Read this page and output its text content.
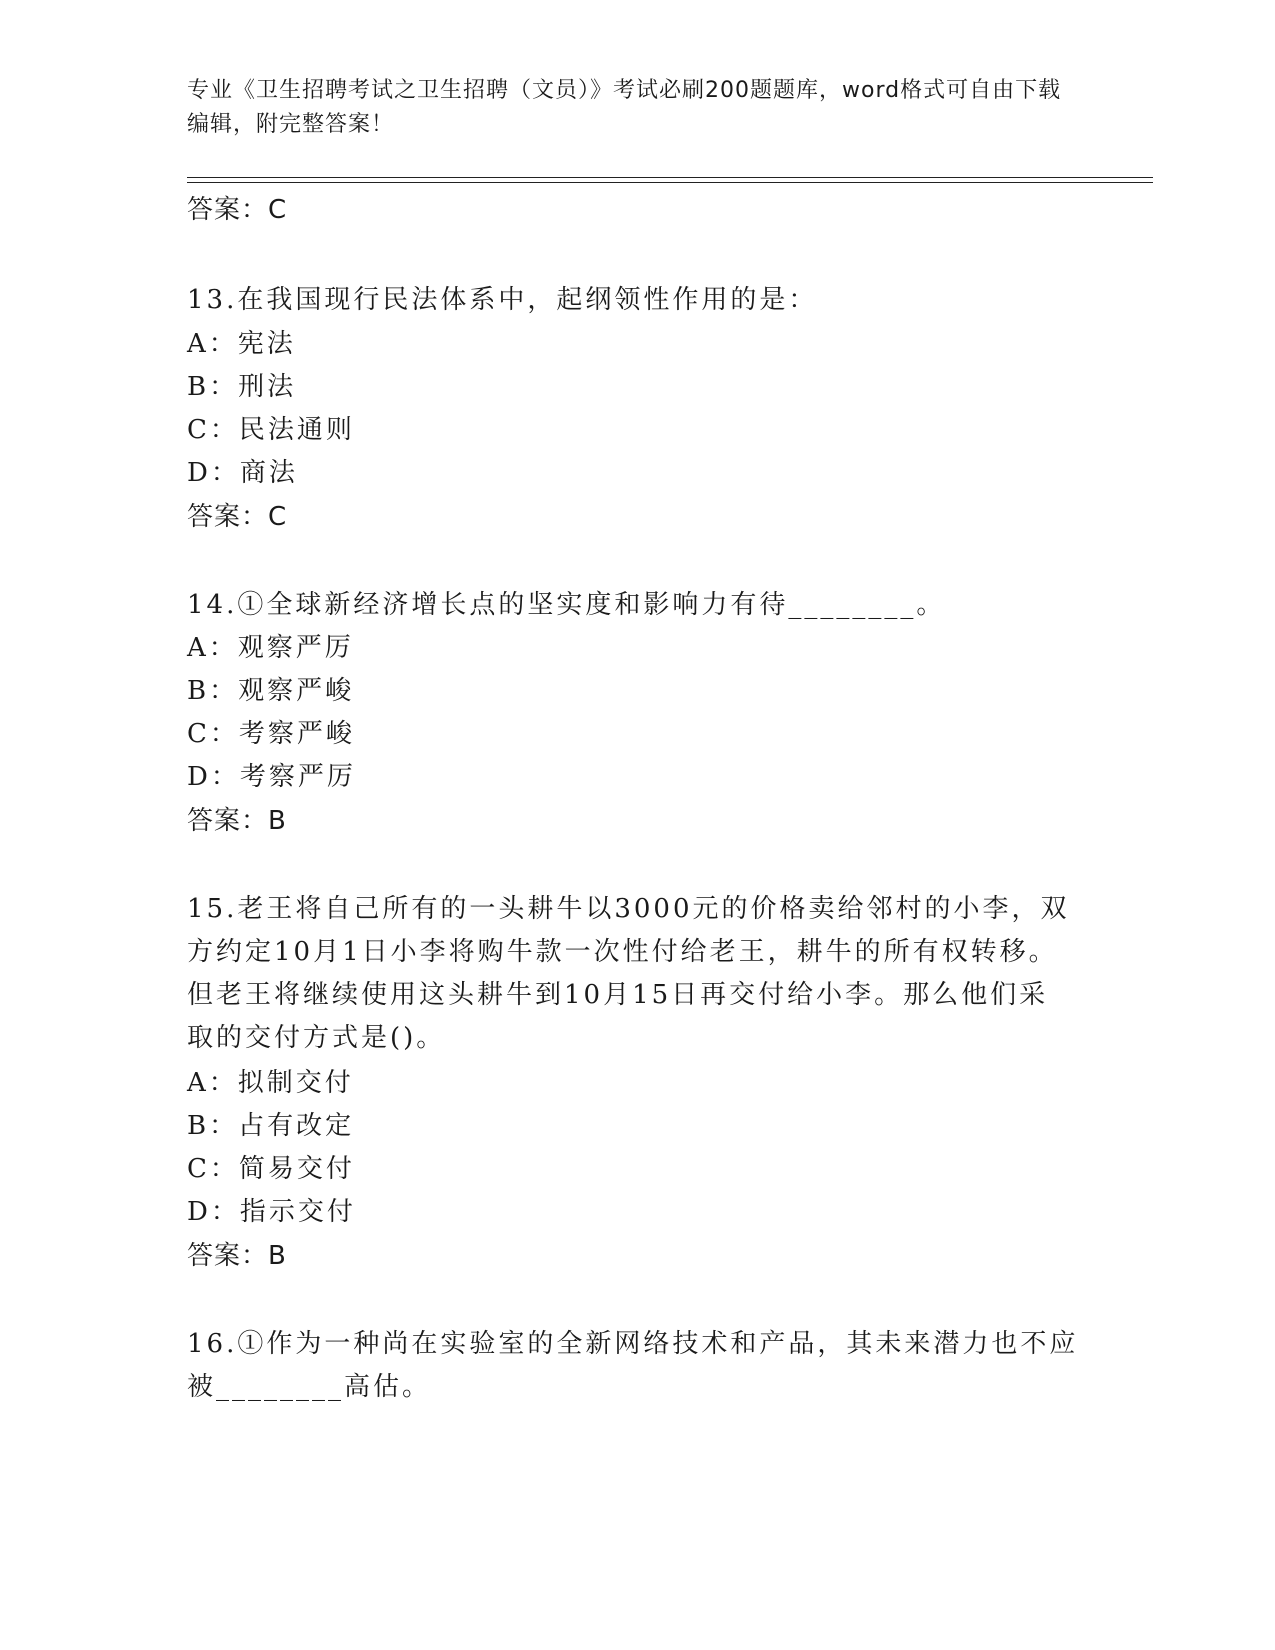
专业《卫生招聘考试之卫生招聘（文员）》考试必刷200题题库，word格式可自由下载编辑，附完整答案！
答案：C
13.在我国现行民法体系中，起纲领性作用的是：
A：宪法
B：刑法
C：民法通则
D：商法
答案：C
14.①全球新经济增长点的坚实度和影响力有待________。
A：观察严厉
B：观察严峻
C：考察严峻
D：考察严厉
答案：B
15.老王将自己所有的一头耕牛以3000元的价格卖给邻村的小李，双
方约定10月1日小李将购牛款一次性付给老王，耕牛的所有权转移。
但老王将继续使用这头耕牛到10月15日再交付给小李。那么他们采
取的交付方式是()。
A：拟制交付
B：占有改定
C：简易交付
D：指示交付
答案：B
16.①作为一种尚在实验室的全新网络技术和产品，其未来潜力也不应
被________高估。
